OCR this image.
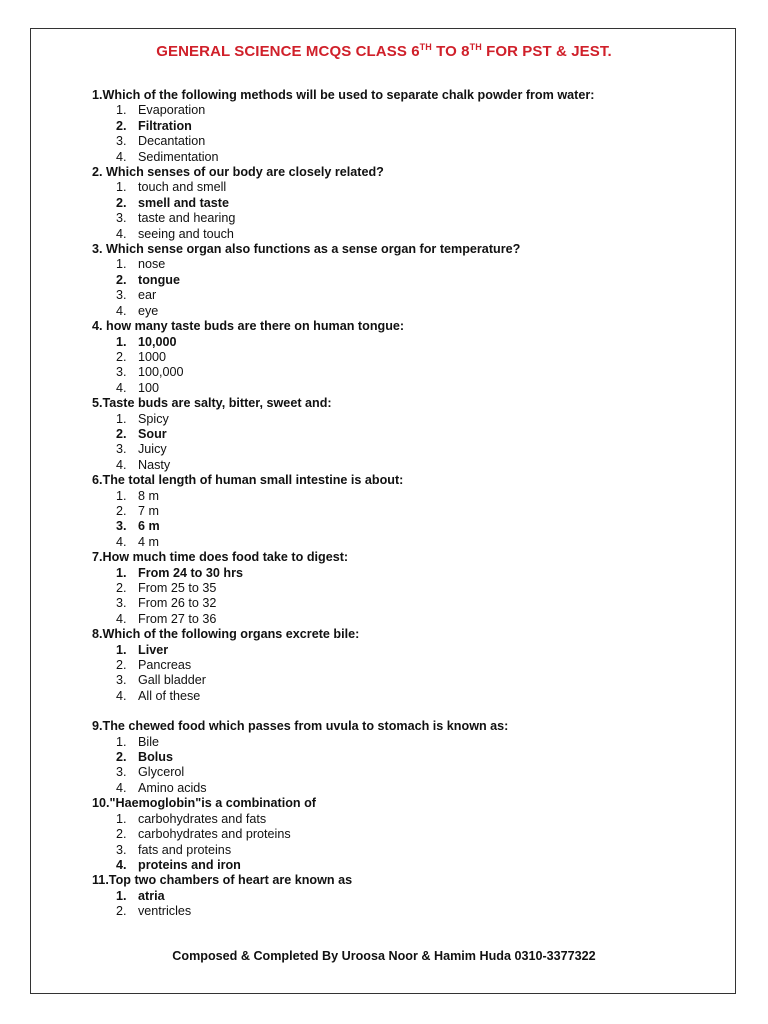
GENERAL SCIENCE MCQS CLASS 6TH TO 8TH FOR PST & JEST.
1.Which of the following methods will be used to separate chalk powder from water:
1. Evaporation
2. Filtration
3. Decantation
4. Sedimentation
2. Which senses of our body are closely related?
1. touch and smell
2. smell and taste
3. taste and hearing
4. seeing and touch
3. Which sense organ also functions as a sense organ for temperature?
1. nose
2. tongue
3. ear
4. eye
4. how many taste buds are there on human tongue:
1. 10,000
2. 1000
3. 100,000
4. 100
5.Taste buds are salty, bitter, sweet and:
1. Spicy
2. Sour
3. Juicy
4. Nasty
6.The total length of human small intestine is about:
1. 8 m
2. 7 m
3. 6 m
4. 4 m
7.How much time does food take to digest:
1. From 24 to 30 hrs
2. From 25 to 35
3. From 26 to 32
4. From 27 to 36
8.Which of the following organs excrete bile:
1. Liver
2. Pancreas
3. Gall bladder
4. All of these
9.The chewed food which passes from uvula to stomach is known as:
1. Bile
2. Bolus
3. Glycerol
4. Amino acids
10."Haemoglobin"is a combination of
1. carbohydrates and fats
2. carbohydrates and proteins
3. fats and proteins
4. proteins and iron
11.Top two chambers of heart are known as
1. atria
2. ventricles
Composed & Completed By Uroosa Noor & Hamim Huda 0310-3377322
